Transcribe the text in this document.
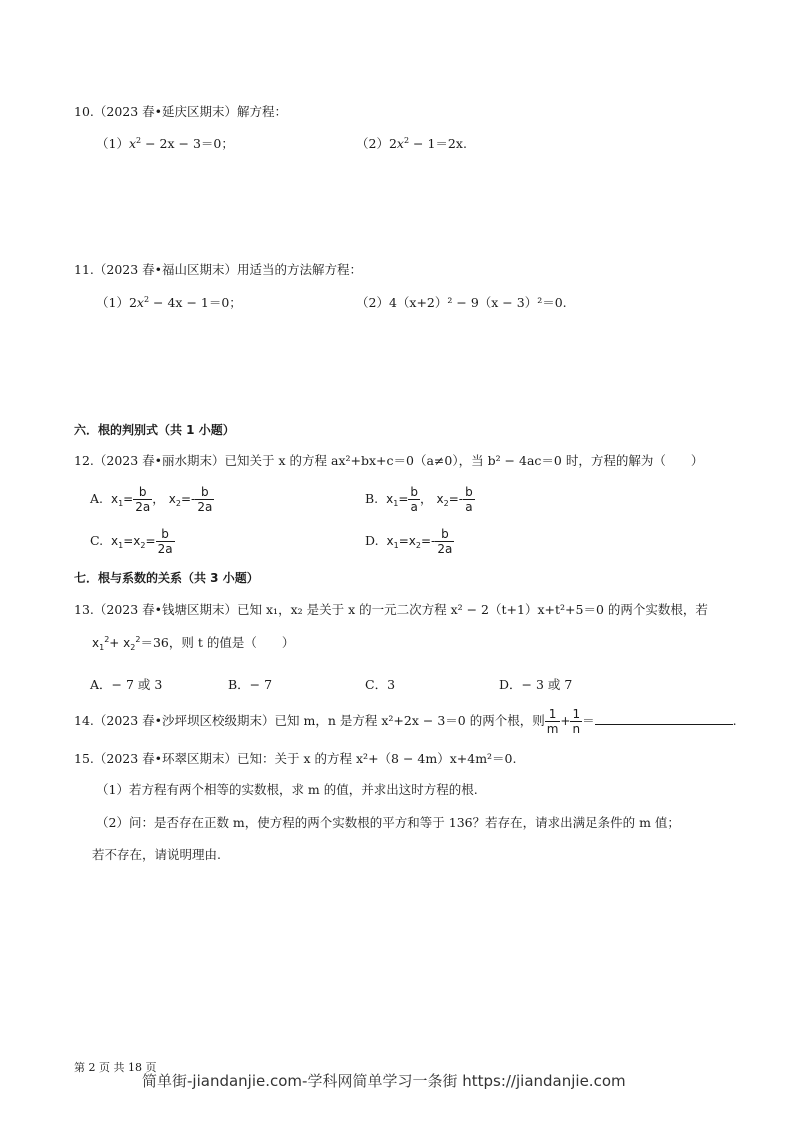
10.（2023 春•延庆区期末）解方程：
$(1)x^2 - 2x - 3=0$；	$(2)2x^2 - 1=2x$.
11.（2023 春•福山区期末）用适当的方法解方程：
$(1)2x^2 - 4x - 1=0$；	（2）4（x+2）² − 9（x − 3）²＝0.
六．根的判别式（共 1 小题）
12.（2023 春•丽水期末）已知关于 x 的方程 ax²+bx+c＝0（a≠0），当 b² − 4ac＝0 时，方程的解为（　　）
A. $x_1= \frac{b}{2a}$ ， $x_2=- \frac{b}{2a}$	B. $x_1= \frac{b}{a}$ ， $x_2=- \frac{b}{a}$
C. $x_1=x_2= \frac{b}{2a}$	D. $x_1=x_2=- \frac{b}{2a}$
七．根与系数的关系（共 3 小题）
13.（2023 春•钱塘区期末）已知 x₁，x₂ 是关于 x 的一元二次方程 x² − 2（t+1）x+t²+5＝0 的两个实数根，若
$x_1^2+ x_2^2=36$，则 t 的值是（　　）
A．− 7 或 3	B．− 7	C．3	D．− 3 或 7
14.（2023 春•沙坪坝区校级期末）已知 m，n 是方程 x²+2x − 3＝0 的两个根，则 $\frac{1}{m} + \frac{1}{n}$ ＝	.
15.（2023 春•环翠区期末）已知：关于 x 的方程 x²+（8 − 4m）x+4m²＝0.
（1）若方程有两个相等的实数根，求 m 的值，并求出这时方程的根.
（2）问：是否存在正数 m，使方程的两个实数根的平方和等于 136？若存在，请求出满足条件的 m 值；
若不存在，请说明理由.
第 2 页 共 18 页
简单街-jiandanjie.com-学科网简单学习一条街 https://jiandanjie.com
